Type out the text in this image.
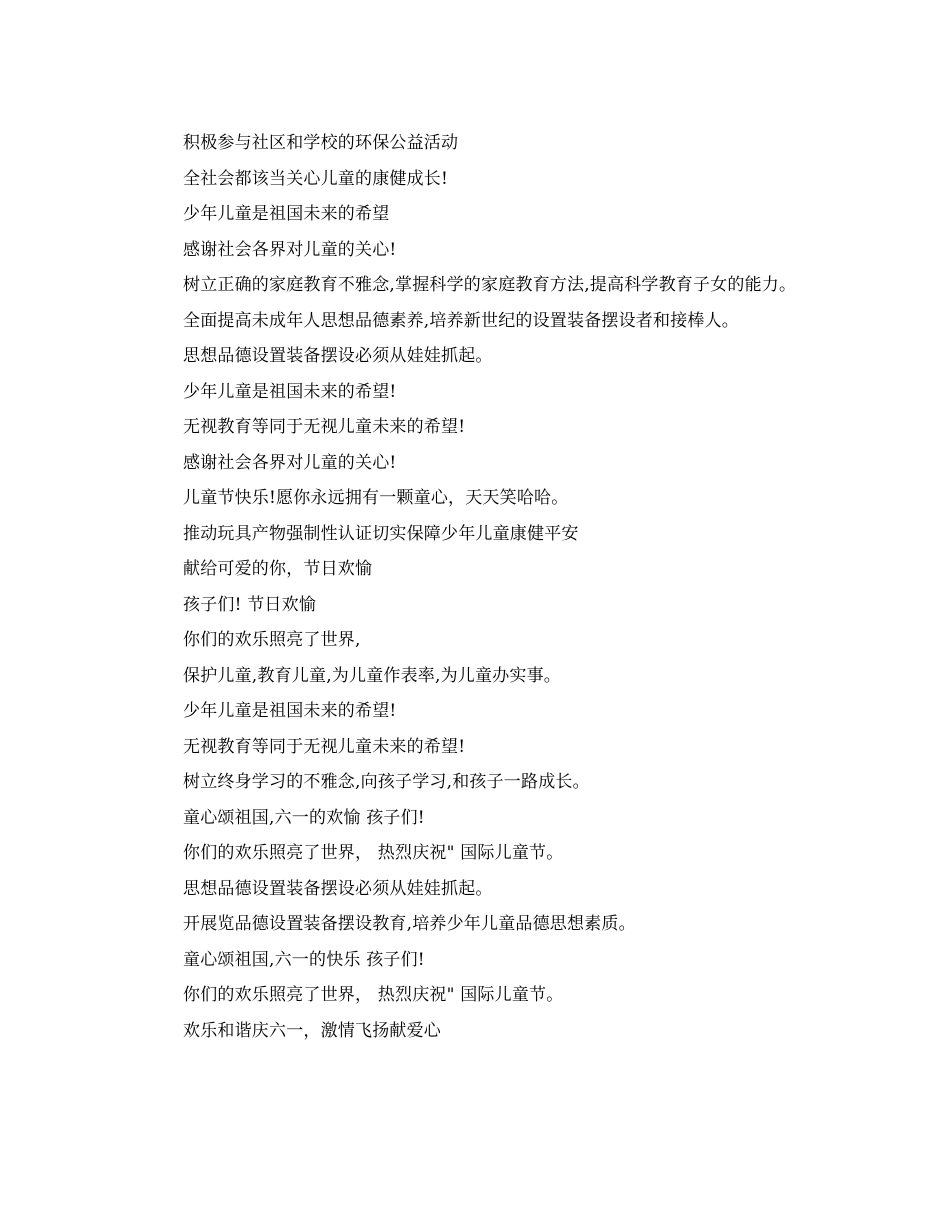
积极参与社区和学校的环保公益活动

全社会都该当关心儿童的康健成长!

少年儿童是祖国未来的希望

感谢社会各界对儿童的关心!

树立正确的家庭教育不雅念,掌握科学的家庭教育方法,提高科学教育子女的能力。

全面提高未成年人思想品德素养,培养新世纪的设置装备摆设者和接棒人。

思想品德设置装备摆设必须从娃娃抓起。

少年儿童是祖国未来的希望!

无视教育等同于无视儿童未来的希望!

感谢社会各界对儿童的关心!

儿童节快乐!愿你永远拥有一颗童心，天天笑哈哈。

推动玩具产物强制性认证切实保障少年儿童康健平安

献给可爱的你，节日欢愉

孩子们! 节日欢愉

你们的欢乐照亮了世界,

保护儿童,教育儿童,为儿童作表率,为儿童办实事。

少年儿童是祖国未来的希望!

无视教育等同于无视儿童未来的希望!

树立终身学习的不雅念,向孩子学习,和孩子一路成长。

童心颂祖国,六一的欢愉 孩子们!

你们的欢乐照亮了世界， 热烈庆祝" 国际儿童节。

思想品德设置装备摆设必须从娃娃抓起。

开展览品德设置装备摆设教育,培养少年儿童品德思想素质。

童心颂祖国,六一的快乐 孩子们!

你们的欢乐照亮了世界， 热烈庆祝" 国际儿童节。

欢乐和谐庆六一，激情飞扬献爱心
